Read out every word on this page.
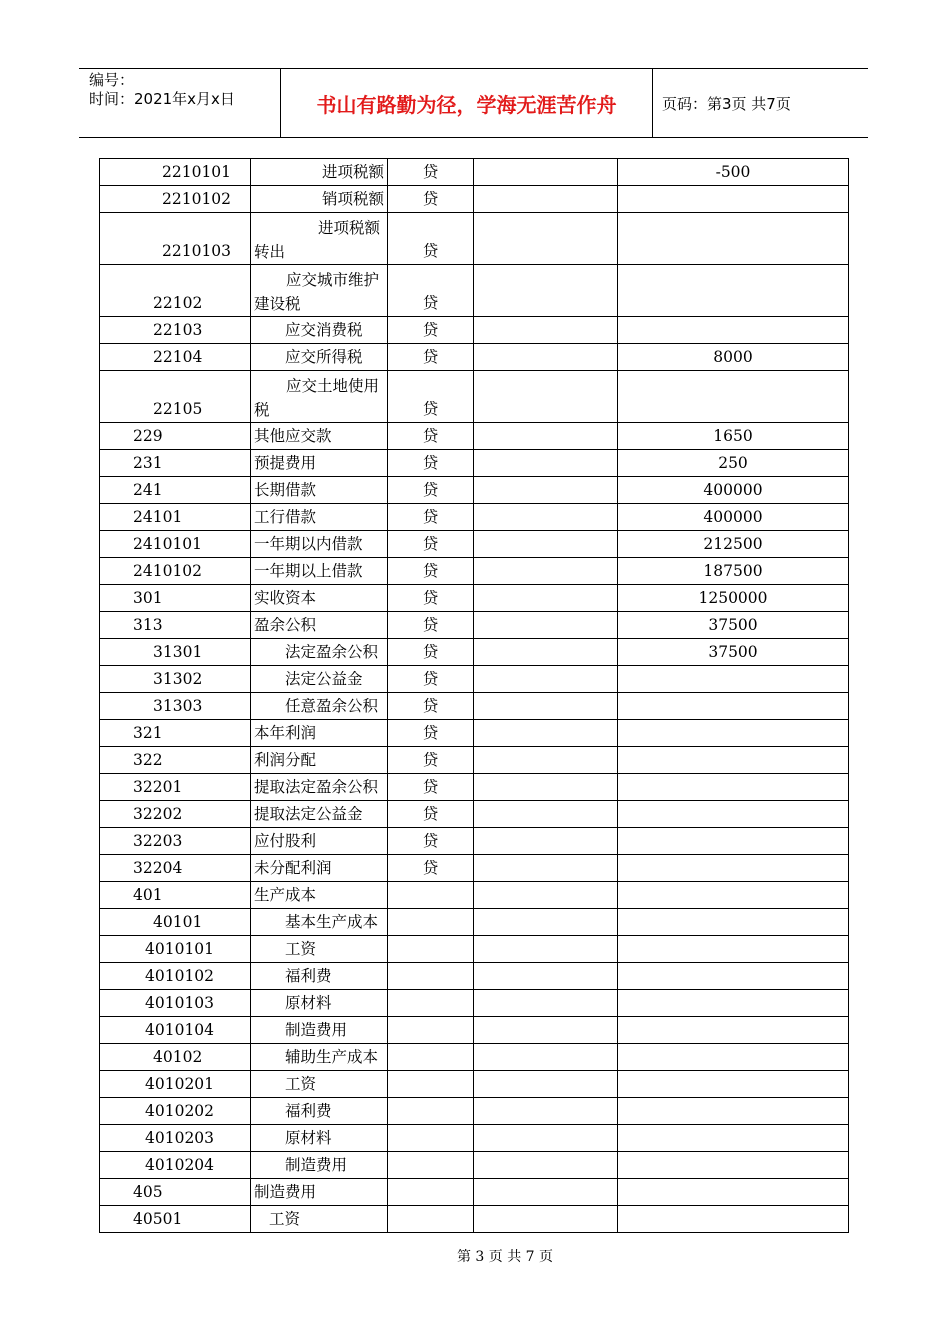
编号：
时间：2021年x月x日	书山有路勤为径，学海无涯苦作舟	页码：第3页 共7页
2210101	进项税额	贷		-500
2210102	销项税额	贷		
2210103	进项税额转出	贷		
22102	应交城市维护建设税	贷		
22103	应交消费税	贷		
22104	应交所得税	贷		8000
22105	应交土地使用税	贷		
229	其他应交款	贷		1650
231	预提费用	贷		250
241	长期借款	贷		400000
24101	工行借款	贷		400000
2410101	一年期以内借款	贷		212500
2410102	一年期以上借款	贷		187500
301	实收资本	贷		1250000
313	盈余公积	贷		37500
31301	法定盈余公积	贷		37500
31302	法定公益金	贷		
31303	任意盈余公积	贷		
321	本年利润	贷		
322	利润分配	贷		
32201	提取法定盈余公积	贷		
32202	提取法定公益金	贷		
32203	应付股利	贷		
32204	未分配利润	贷		
401	生产成本			
40101	基本生产成本			
4010101	工资			
4010102	福利费			
4010103	原材料			
4010104	制造费用			
40102	辅助生产成本			
4010201	工资			
4010202	福利费			
4010203	原材料			
4010204	制造费用			
405	制造费用			
40501	工资			
第 3 页 共 7 页
